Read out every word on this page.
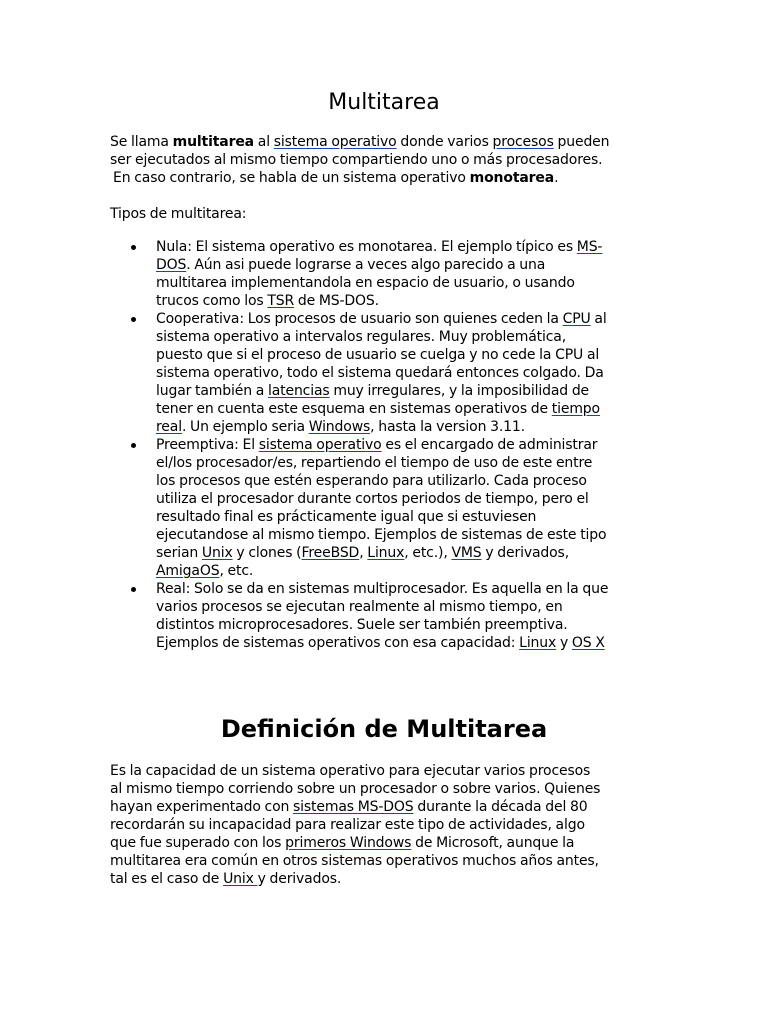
Multitarea

Se llama multitarea al sistema operativo donde varios procesos pueden
ser ejecutados al mismo tiempo compartiendo uno o más procesadores.
En caso contrario, se habla de un sistema operativo monotarea.

Tipos de multitarea:

Nula: El sistema operativo es monotarea. El ejemplo típico es MS-
DOS. Aún asi puede lograrse a veces algo parecido a una
multitarea implementandola en espacio de usuario, o usando
trucos como los TSR de MS-DOS.
Cooperativa: Los procesos de usuario son quienes ceden la CPU al
sistema operativo a intervalos regulares. Muy problemática,
puesto que si el proceso de usuario se cuelga y no cede la CPU al
sistema operativo, todo el sistema quedará entonces colgado. Da
lugar también a latencias muy irregulares, y la imposibilidad de
tener en cuenta este esquema en sistemas operativos de tiempo
real. Un ejemplo seria Windows, hasta la version 3.11.
Preemptiva: El sistema operativo es el encargado de administrar
el/los procesador/es, repartiendo el tiempo de uso de este entre
los procesos que estén esperando para utilizarlo. Cada proceso
utiliza el procesador durante cortos periodos de tiempo, pero el
resultado final es prácticamente igual que si estuviesen
ejecutandose al mismo tiempo. Ejemplos de sistemas de este tipo
serian Unix y clones (FreeBSD, Linux, etc.), VMS y derivados,
AmigaOS, etc.
Real: Solo se da en sistemas multiprocesador. Es aquella en la que
varios procesos se ejecutan realmente al mismo tiempo, en
distintos microprocesadores. Suele ser también preemptiva.
Ejemplos de sistemas operativos con esa capacidad: Linux y OS X
Definición de Multitarea

Es la capacidad de un sistema operativo para ejecutar varios procesos
al mismo tiempo corriendo sobre un procesador o sobre varios. Quienes
hayan experimentado con sistemas MS-DOS durante la década del 80
recordarán su incapacidad para realizar este tipo de actividades, algo
que fue superado con los primeros Windows de Microsoft, aunque la
multitarea era común en otros sistemas operativos muchos años antes,
tal es el caso de Unix y derivados.
